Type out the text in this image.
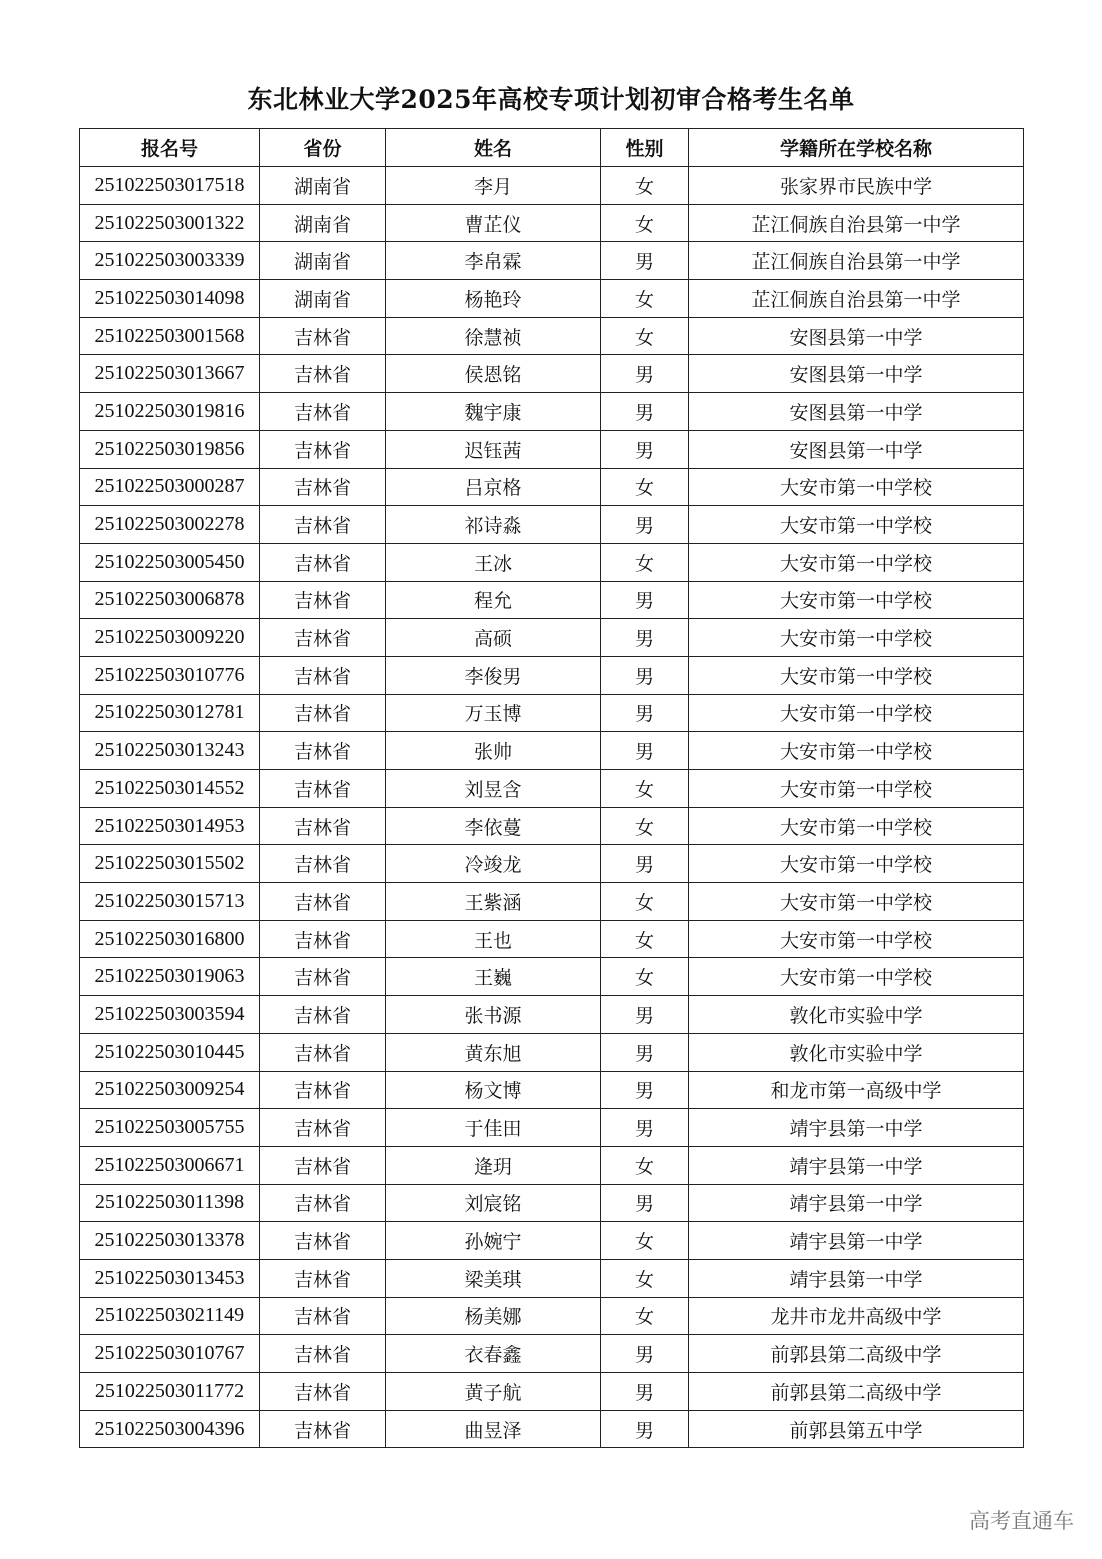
东北林业大学2025年高校专项计划初审合格考生名单
报名号	省份	姓名	性别	学籍所在学校名称
251022503017518	湖南省	李月	女	张家界市民族中学
251022503001322	湖南省	曹芷仪	女	芷江侗族自治县第一中学
251022503003339	湖南省	李帛霖	男	芷江侗族自治县第一中学
251022503014098	湖南省	杨艳玲	女	芷江侗族自治县第一中学
251022503001568	吉林省	徐慧祯	女	安图县第一中学
251022503013667	吉林省	侯恩铭	男	安图县第一中学
251022503019816	吉林省	魏宇康	男	安图县第一中学
251022503019856	吉林省	迟钰茜	男	安图县第一中学
251022503000287	吉林省	吕京格	女	大安市第一中学校
251022503002278	吉林省	祁诗淼	男	大安市第一中学校
251022503005450	吉林省	王冰	女	大安市第一中学校
251022503006878	吉林省	程允	男	大安市第一中学校
251022503009220	吉林省	高硕	男	大安市第一中学校
251022503010776	吉林省	李俊男	男	大安市第一中学校
251022503012781	吉林省	万玉博	男	大安市第一中学校
251022503013243	吉林省	张帅	男	大安市第一中学校
251022503014552	吉林省	刘昱含	女	大安市第一中学校
251022503014953	吉林省	李依蔓	女	大安市第一中学校
251022503015502	吉林省	冷竣龙	男	大安市第一中学校
251022503015713	吉林省	王紫涵	女	大安市第一中学校
251022503016800	吉林省	王也	女	大安市第一中学校
251022503019063	吉林省	王巍	女	大安市第一中学校
251022503003594	吉林省	张书源	男	敦化市实验中学
251022503010445	吉林省	黄东旭	男	敦化市实验中学
251022503009254	吉林省	杨文博	男	和龙市第一高级中学
251022503005755	吉林省	于佳田	男	靖宇县第一中学
251022503006671	吉林省	逄玥	女	靖宇县第一中学
251022503011398	吉林省	刘宸铭	男	靖宇县第一中学
251022503013378	吉林省	孙婉宁	女	靖宇县第一中学
251022503013453	吉林省	梁美琪	女	靖宇县第一中学
251022503021149	吉林省	杨美娜	女	龙井市龙井高级中学
251022503010767	吉林省	衣春鑫	男	前郭县第二高级中学
251022503011772	吉林省	黄子航	男	前郭县第二高级中学
251022503004396	吉林省	曲昱泽	男	前郭县第五中学
高考直通车
